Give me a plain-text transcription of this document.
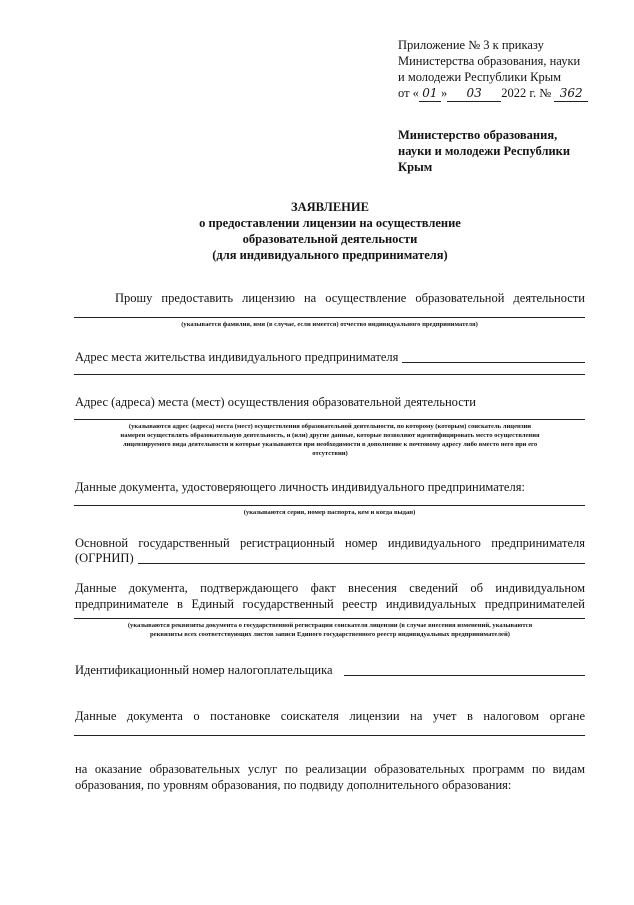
Приложение № 3 к приказу
Министерства образования, науки
и молодежи Республики Крым
от « 01 » 03 2022 г. № 362
Министерство образования,
науки и молодежи Республики
Крым
ЗАЯВЛЕНИЕ
о предоставлении лицензии на осуществление
образовательной деятельности
(для индивидуального предпринимателя)
Прошу предоставить лицензию на осуществление образовательной деятельности
(указывается фамилия, имя (в случае, если имеется) отчество индивидуального предпринимателя)
Адрес места жительства индивидуального предпринимателя
Адрес (адреса) места (мест) осуществления образовательной деятельности
(указываются адрес (адреса) места (мест) осуществления образовательной деятельности, по которому (которым) соискатель лицензии
намерен осуществлять образовательную деятельность, и (или) другие данные, которые позволяют идентифицировать место осуществления
лицензируемого вида деятельности и которые указываются при необходимости в дополнение к почтовому адресу либо вместо него при его
отсутствии)
Данные документа, удостоверяющего личность индивидуального предпринимателя:
(указываются серия, номер паспорта, кем и когда выдан)
Основной государственный регистрационный номер индивидуального предпринимателя
(ОГРНИП)
Данные документа, подтверждающего факт внесения сведений об индивидуальном
предпринимателе в Единый государственный реестр индивидуальных предпринимателей
(указываются реквизиты документа о государственной регистрации соискателя лицензии (в случае внесения изменений, указываются
реквизиты всех соответствующих листов записи Единого государственного реестр индивидуальных предпринимателей)
Идентификационный номер налогоплательщика
Данные документа о постановке соискателя лицензии на учет в налоговом органе
на оказание образовательных услуг по реализации образовательных программ по видам
образования, по уровням образования, по подвиду дополнительного образования:
